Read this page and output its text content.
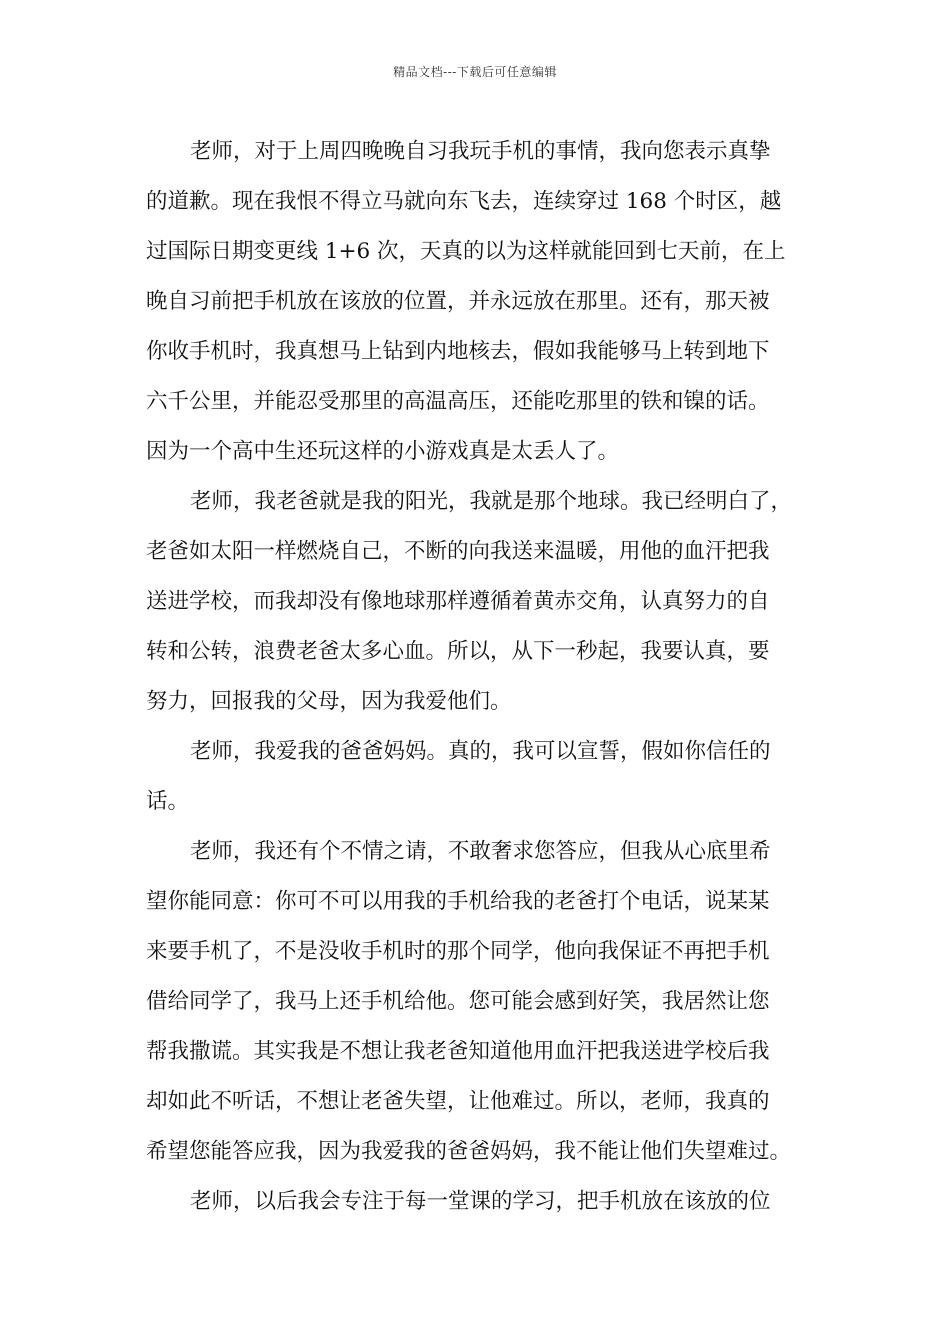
精品文档---下载后可任意编辑
老师，对于上周四晚晚自习我玩手机的事情，我向您表示真挚
的道歉。现在我恨不得立马就向东飞去，连续穿过 168 个时区，越
过国际日期变更线 1+6 次，天真的以为这样就能回到七天前，在上
晚自习前把手机放在该放的位置，并永远放在那里。还有，那天被
你收手机时，我真想马上钻到内地核去，假如我能够马上转到地下
六千公里，并能忍受那里的高温高压，还能吃那里的铁和镍的话。
因为一个高中生还玩这样的小游戏真是太丢人了。
老师，我老爸就是我的阳光，我就是那个地球。我已经明白了，
老爸如太阳一样燃烧自己，不断的向我送来温暖，用他的血汗把我
送进学校，而我却没有像地球那样遵循着黄赤交角，认真努力的自
转和公转，浪费老爸太多心血。所以，从下一秒起，我要认真，要
努力，回报我的父母，因为我爱他们。
老师，我爱我的爸爸妈妈。真的，我可以宣誓，假如你信任的
话。
老师，我还有个不情之请，不敢奢求您答应，但我从心底里希
望你能同意：你可不可以用我的手机给我的老爸打个电话，说某某
来要手机了，不是没收手机时的那个同学，他向我保证不再把手机
借给同学了，我马上还手机给他。您可能会感到好笑，我居然让您
帮我撒谎。其实我是不想让我老爸知道他用血汗把我送进学校后我
却如此不听话，不想让老爸失望，让他难过。所以，老师，我真的
希望您能答应我，因为我爱我的爸爸妈妈，我不能让他们失望难过。
老师，以后我会专注于每一堂课的学习，把手机放在该放的位
